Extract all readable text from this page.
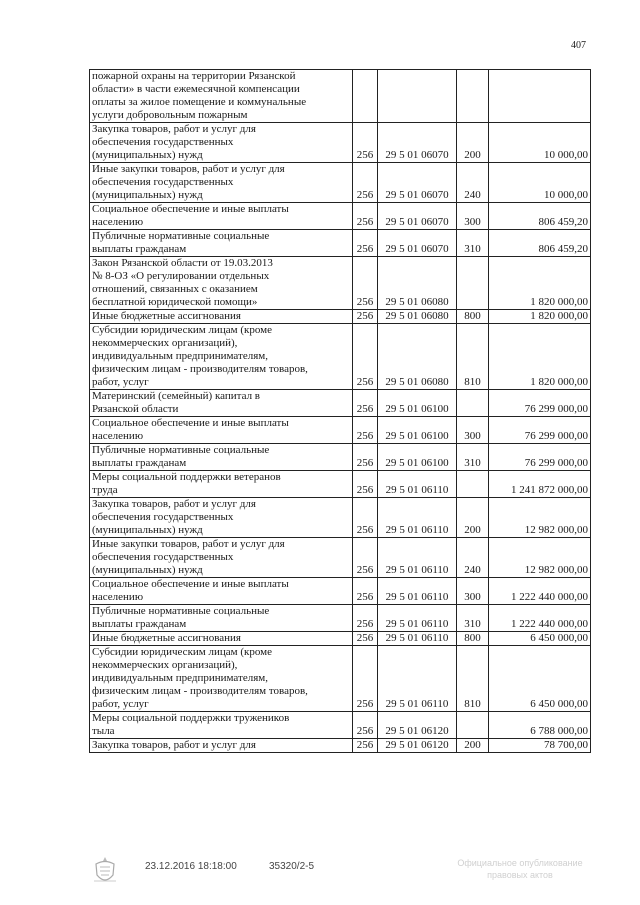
407
пожарной охраны на территории Рязанской
области» в части ежемесячной компенсации
оплаты за жилое помещение и коммунальные
услуги добровольным пожарным				
Закупка товаров, работ и услуг для
обеспечения государственных
(муниципальных) нужд	256	29 5 01 06070	200	10 000,00
Иные закупки товаров, работ и услуг для
обеспечения государственных
(муниципальных) нужд	256	29 5 01 06070	240	10 000,00
Социальное обеспечение и иные выплаты
населению	256	29 5 01 06070	300	806 459,20
Публичные нормативные социальные
выплаты гражданам	256	29 5 01 06070	310	806 459,20
Закон Рязанской области от 19.03.2013
№ 8-ОЗ «О регулировании отдельных
отношений, связанных с оказанием
бесплатной юридической помощи»	256	29 5 01 06080		1 820 000,00
Иные бюджетные ассигнования	256	29 5 01 06080	800	1 820 000,00
Субсидии юридическим лицам (кроме
некоммерческих организаций),
индивидуальным предпринимателям,
физическим лицам - производителям товаров,
работ, услуг	256	29 5 01 06080	810	1 820 000,00
Материнский (семейный) капитал в
Рязанской области	256	29 5 01 06100		76 299 000,00
Социальное обеспечение и иные выплаты
населению	256	29 5 01 06100	300	76 299 000,00
Публичные нормативные социальные
выплаты гражданам	256	29 5 01 06100	310	76 299 000,00
Меры социальной поддержки ветеранов
труда	256	29 5 01 06110		1 241 872 000,00
Закупка товаров, работ и услуг для
обеспечения государственных
(муниципальных) нужд	256	29 5 01 06110	200	12 982 000,00
Иные закупки товаров, работ и услуг для
обеспечения государственных
(муниципальных) нужд	256	29 5 01 06110	240	12 982 000,00
Социальное обеспечение и иные выплаты
населению	256	29 5 01 06110	300	1 222 440 000,00
Публичные нормативные социальные
выплаты гражданам	256	29 5 01 06110	310	1 222 440 000,00
Иные бюджетные ассигнования	256	29 5 01 06110	800	6 450 000,00
Субсидии юридическим лицам (кроме
некоммерческих организаций),
индивидуальным предпринимателям,
физическим лицам - производителям товаров,
работ, услуг	256	29 5 01 06110	810	6 450 000,00
Меры социальной поддержки тружеников
тыла	256	29 5 01 06120		6 788 000,00
Закупка товаров, работ и услуг для	256	29 5 01 06120	200	78 700,00
23.12.2016 18:18:00	35320/2-5	Официальное опубликование
правовых актов
